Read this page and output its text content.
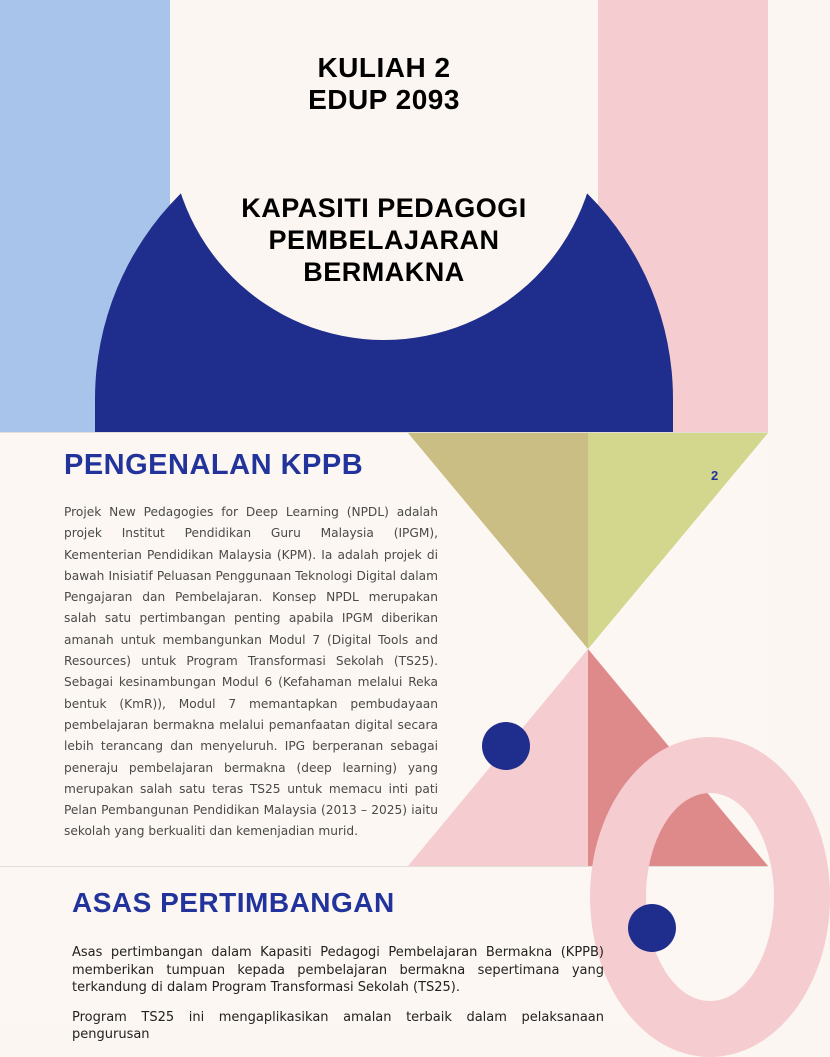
KULIAH 2
EDUP 2093
KAPASITI PEDAGOGI
PEMBELAJARAN
BERMAKNA
PENGENALAN KPPB	2
Projek New Pedagogies for Deep Learning (NPDL) adalah projek Institut Pendidikan Guru Malaysia (IPGM), Kementerian Pendidikan Malaysia (KPM). Ia adalah projek di bawah Inisiatif Peluasan Penggunaan Teknologi Digital dalam Pengajaran dan Pembelajaran. Konsep NPDL merupakan salah satu pertimbangan penting apabila IPGM diberikan amanah untuk membangunkan Modul 7 (Digital Tools and Resources) untuk Program Transformasi Sekolah (TS25). Sebagai kesinambungan Modul 6 (Kefahaman melalui Reka bentuk (KmR)), Modul 7 memantapkan pembudayaan pembelajaran bermakna melalui pemanfaatan digital secara lebih terancang dan menyeluruh. IPG berperanan sebagai peneraju pembelajaran bermakna (deep learning) yang merupakan salah satu teras TS25 untuk memacu inti pati Pelan Pembangunan Pendidikan Malaysia (2013 – 2025) iaitu sekolah yang berkualiti dan kemenjadian murid.
ASAS PERTIMBANGAN

Asas pertimbangan dalam Kapasiti Pedagogi Pembelajaran Bermakna (KPPB) memberikan tumpuan kepada pembelajaran bermakna sepertimana yang terkandung di dalam Program Transformasi Sekolah (TS25).

Program TS25 ini mengaplikasikan amalan terbaik dalam pelaksanaan pengurusan
